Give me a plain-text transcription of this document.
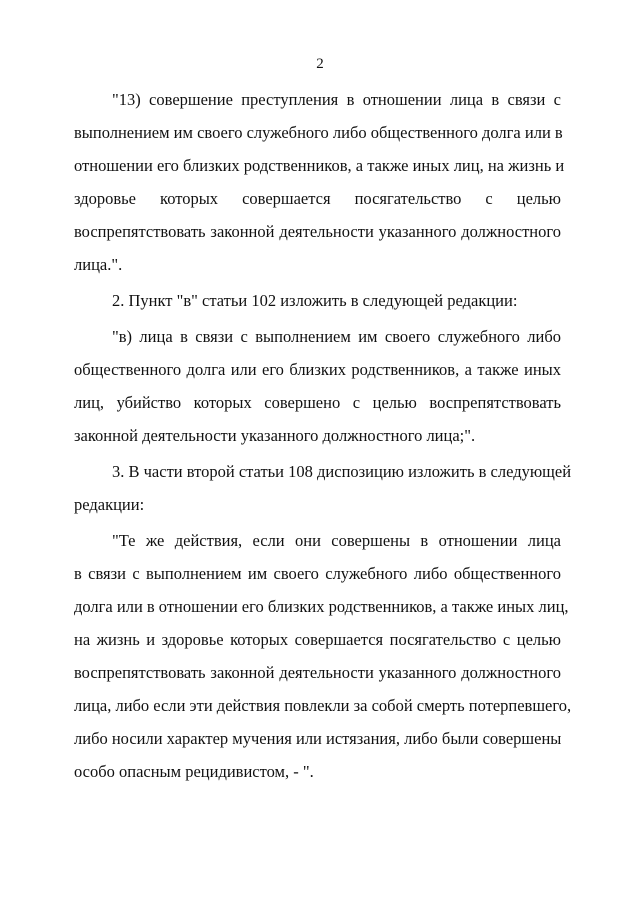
2
"13) совершение преступления в отношении лица в связи с
выполнением им своего служебного либо общественного долга или в
отношении его близких родственников, а также иных лиц, на жизнь и
здоровье которых совершается посягательство с целью
воспрепятствовать законной деятельности указанного должностного
лица.".
2. Пункт "в" статьи 102 изложить в следующей редакции:
"в) лица в связи с выполнением им своего служебного либо
общественного долга или его близких родственников, а также иных
лиц, убийство которых совершено с целью воспрепятствовать
законной деятельности указанного должностного лица;".
3. В части второй статьи 108 диспозицию изложить в следующей
редакции:
"Те же действия, если они совершены в отношении лица
в связи с выполнением им своего служебного либо общественного
долга или в отношении его близких родственников, а также иных лиц,
на жизнь и здоровье которых совершается посягательство с целью
воспрепятствовать законной деятельности указанного должностного
лица, либо если эти действия повлекли за собой смерть потерпевшего,
либо носили характер мучения или истязания, либо были совершены
особо опасным рецидивистом, - ".
